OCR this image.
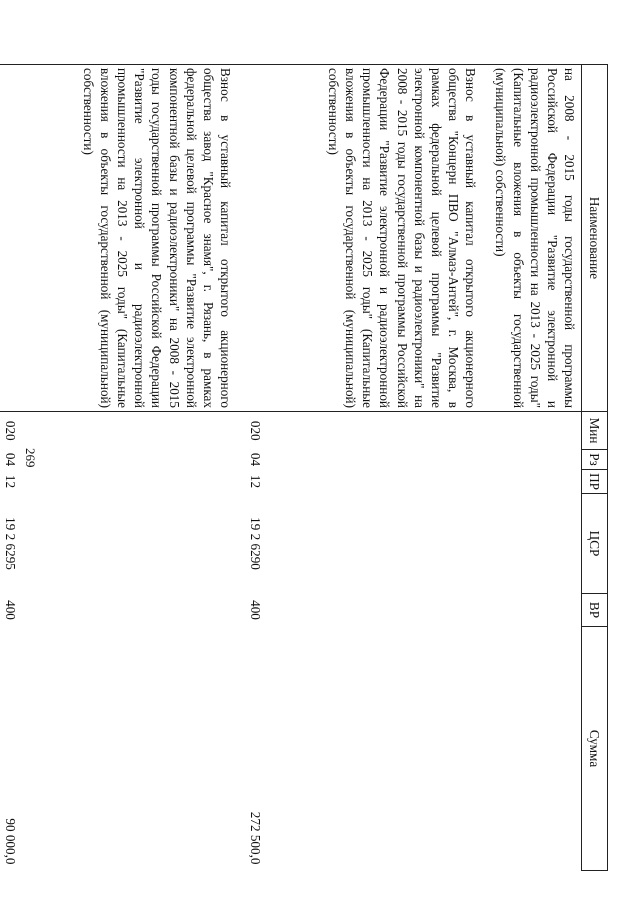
269
Наименование	Мин	Рз	ПР	ЦСР	ВР	Сумма
на 2008 - 2015 годы государственной программы Российской Федерации "Развитие электронной и радиоэлектронной промышленности на 2013 - 2025 годы" (Капитальные вложения в объекты государственной (муниципальной) собственности)						
Взнос в уставный капитал открытого акционерного общества "Концерн ПВО "Алмаз-Антей", г. Москва, в рамках федеральной целевой программы "Развитие электронной компонентной базы и радиоэлектроники" на 2008 - 2015 годы государственной программы Российской Федерации "Развитие электронной и радиоэлектронной промышленности на 2013 - 2025 годы" (Капитальные вложения в объекты государственной (муниципальной) собственности)	020	04	12	19 2 6290	400	272 500,0
Взнос в уставный капитал открытого акционерного общества завод "Красное знамя", г. Рязань, в рамках федеральной целевой программы "Развитие электронной компонентной базы и радиоэлектроники" на 2008 - 2015 годы государственной программы Российской Федерации "Развитие электронной и радиоэлектронной промышленности на 2013 - 2025 годы" (Капитальные вложения в объекты государственной (муниципальной) собственности)	020	04	12	19 2 6295	400	90 000,0
